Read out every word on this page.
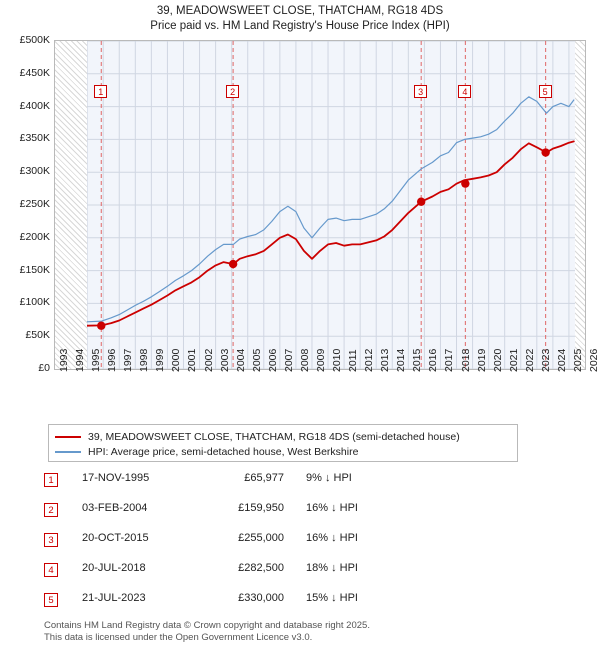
39, MEADOWSWEET CLOSE, THATCHAM, RG18 4DS
Price paid vs. HM Land Registry's House Price Index (HPI)
£0
£50K
£100K
£150K
£200K
£250K
£300K
£350K
£400K
£450K
£500K
1993 1994 1995 1996 1997 1998 1999 2000 2001 2002 2003 2004 2005 2006 2007 2008 2009 2010 2011 2012 2013 2014 2015 2016 2017 2018 2019 2020 2021 2022 2023 2024 2025 2026
1	2	3	4	5
39, MEADOWSWEET CLOSE, THATCHAM, RG18 4DS (semi-detached house)
HPI: Average price, semi-detached house, West Berkshire
1	17-NOV-1995	£65,977 9% ↓ HPI
2	03-FEB-2004	£159,950 16% ↓ HPI
3	20-OCT-2015	£255,000 16% ↓ HPI
4	20-JUL-2018	£282,500 18% ↓ HPI
5	21-JUL-2023	£330,000 15% ↓ HPI
Contains HM Land Registry data © Crown copyright and database right 2025.
This data is licensed under the Open Government Licence v3.0.
